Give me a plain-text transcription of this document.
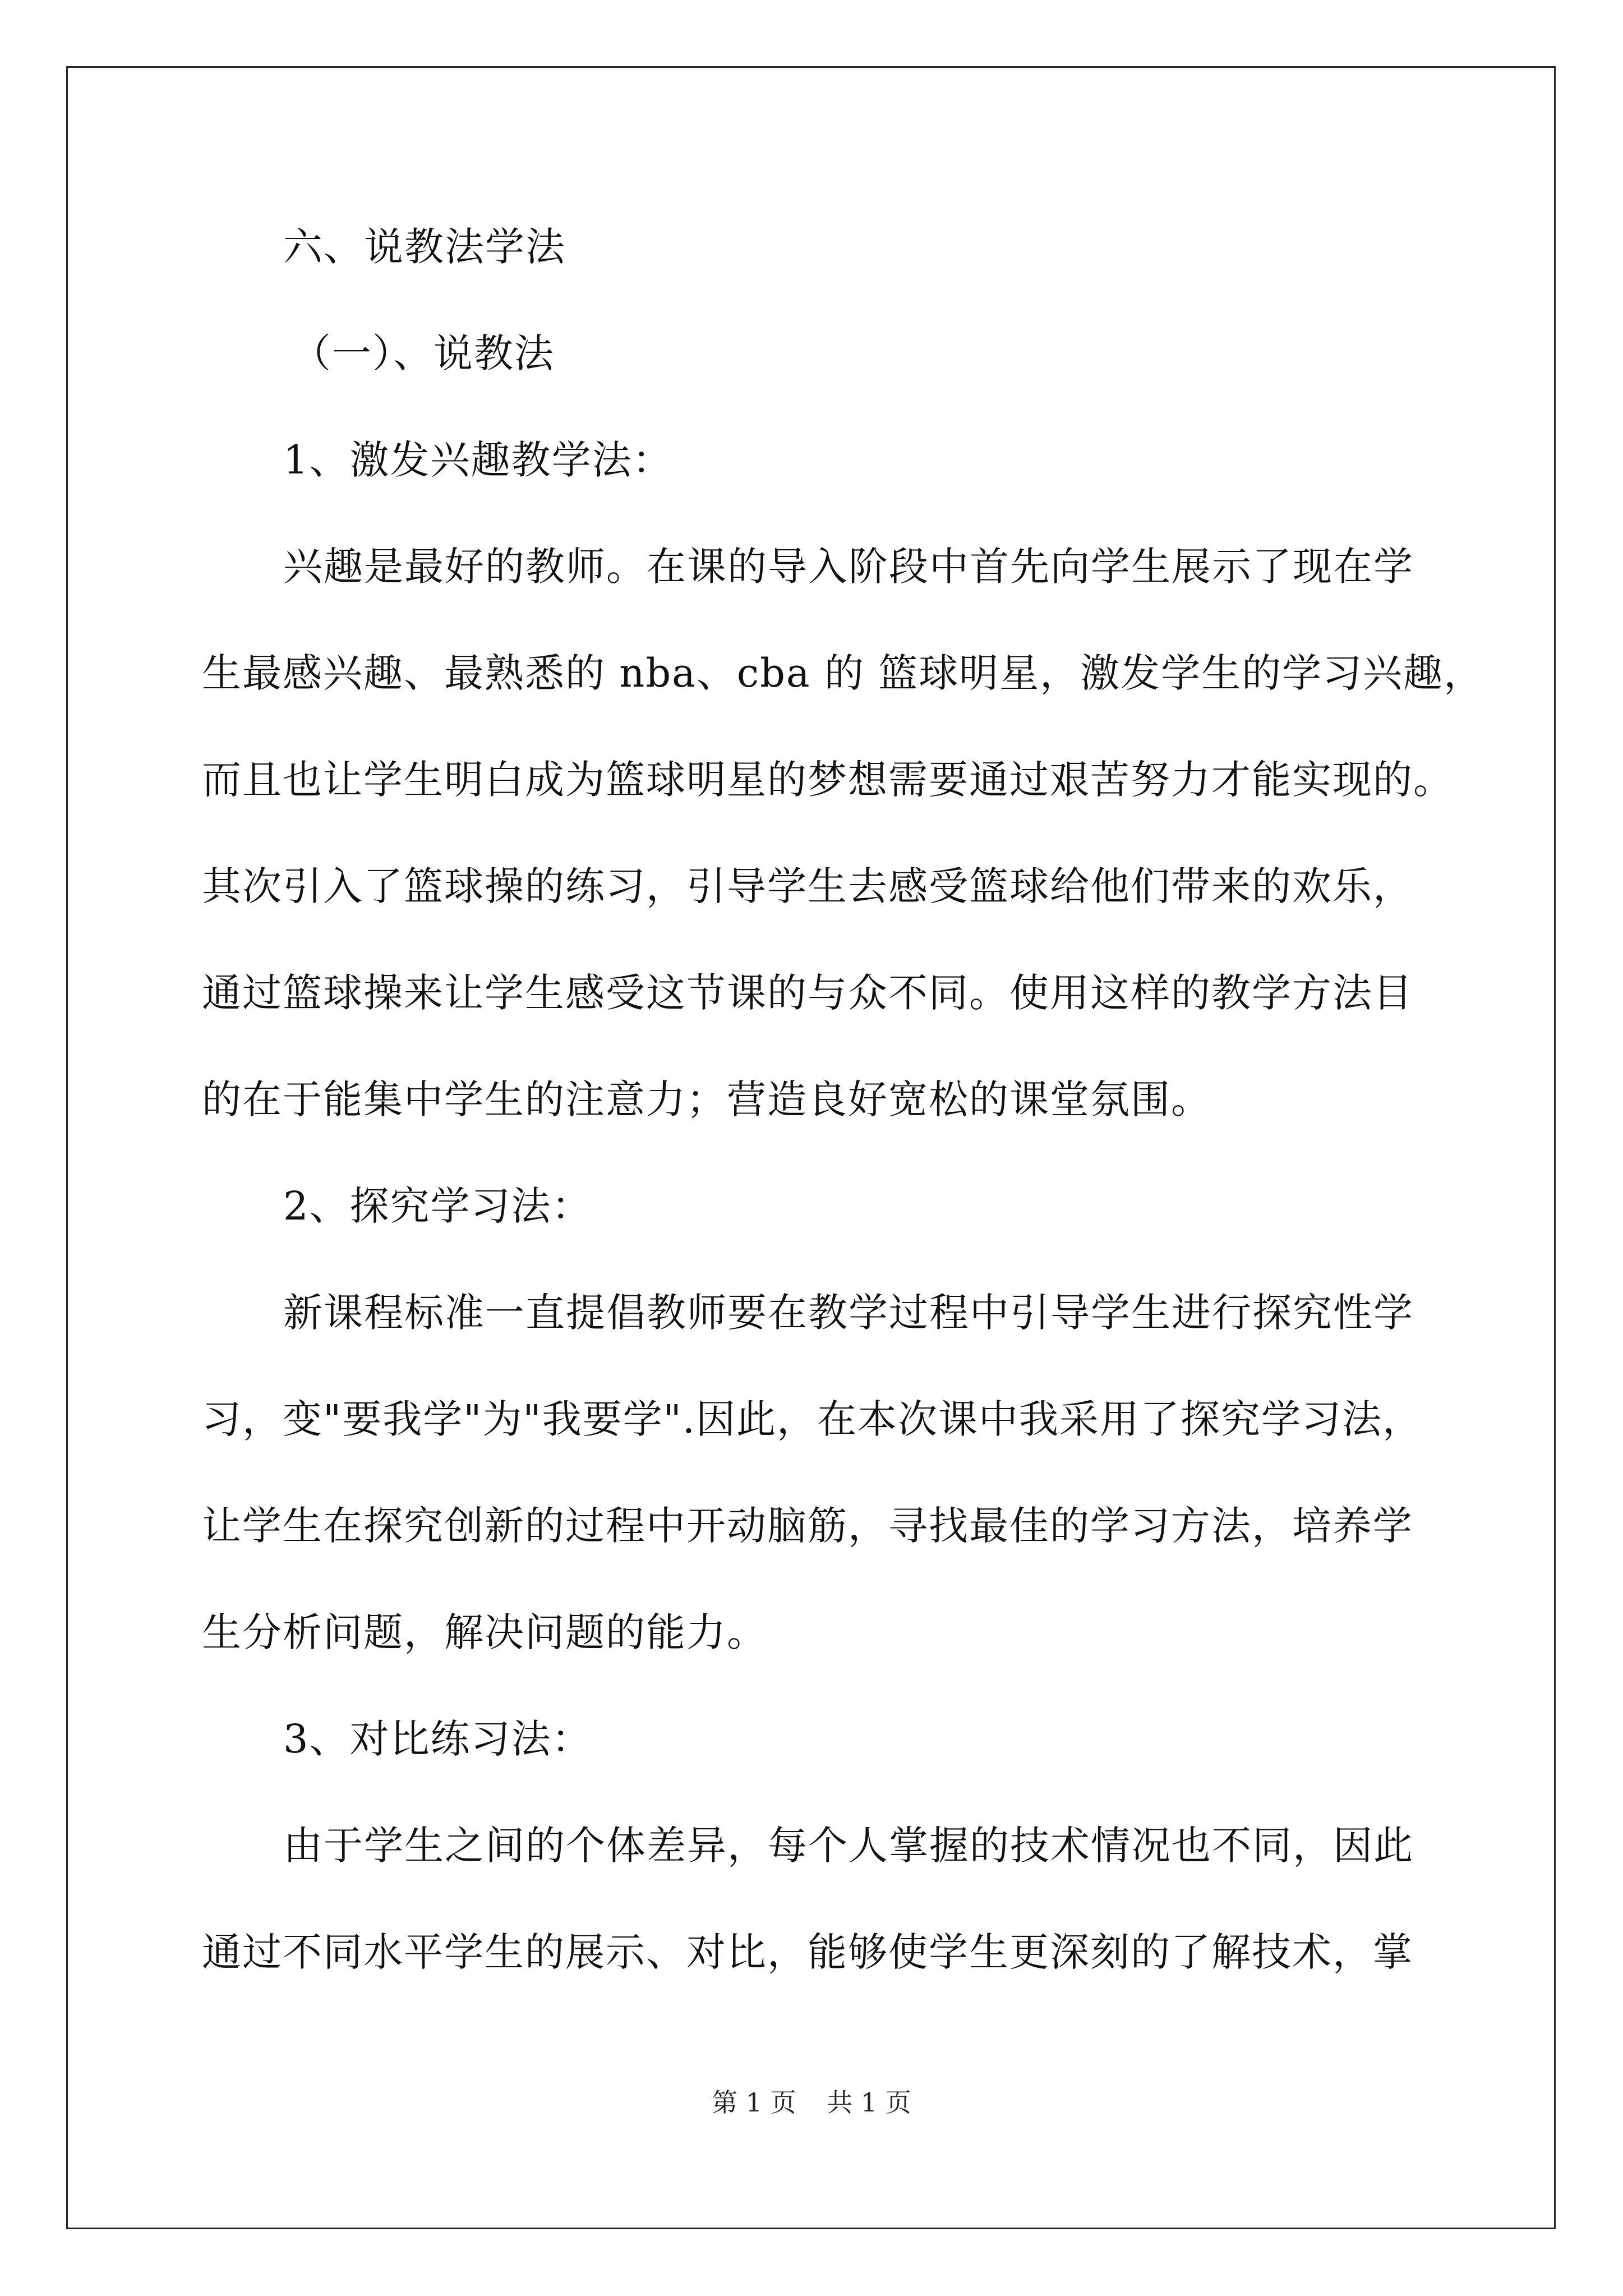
六、说教法学法
（一）、说教法
1、激发兴趣教学法：
兴趣是最好的教师。在课的导入阶段中首先向学生展示了现在学
生最感兴趣、最熟悉的 nba、cba 的 篮球明星，激发学生的学习兴趣，
而且也让学生明白成为篮球明星的梦想需要通过艰苦努力才能实现的。
其次引入了篮球操的练习，引导学生去感受篮球给他们带来的欢乐，
通过篮球操来让学生感受这节课的与众不同。使用这样的教学方法目
的在于能集中学生的注意力；营造良好宽松的课堂氛围。
2、探究学习法：
新课程标准一直提倡教师要在教学过程中引导学生进行探究性学
习，变"要我学"为"我要学".因此，在本次课中我采用了探究学习法，
让学生在探究创新的过程中开动脑筋，寻找最佳的学习方法，培养学
生分析问题，解决问题的能力。
3、对比练习法：
由于学生之间的个体差异，每个人掌握的技术情况也不同，因此
通过不同水平学生的展示、对比，能够使学生更深刻的了解技术，掌
第 1 页 共 1 页
